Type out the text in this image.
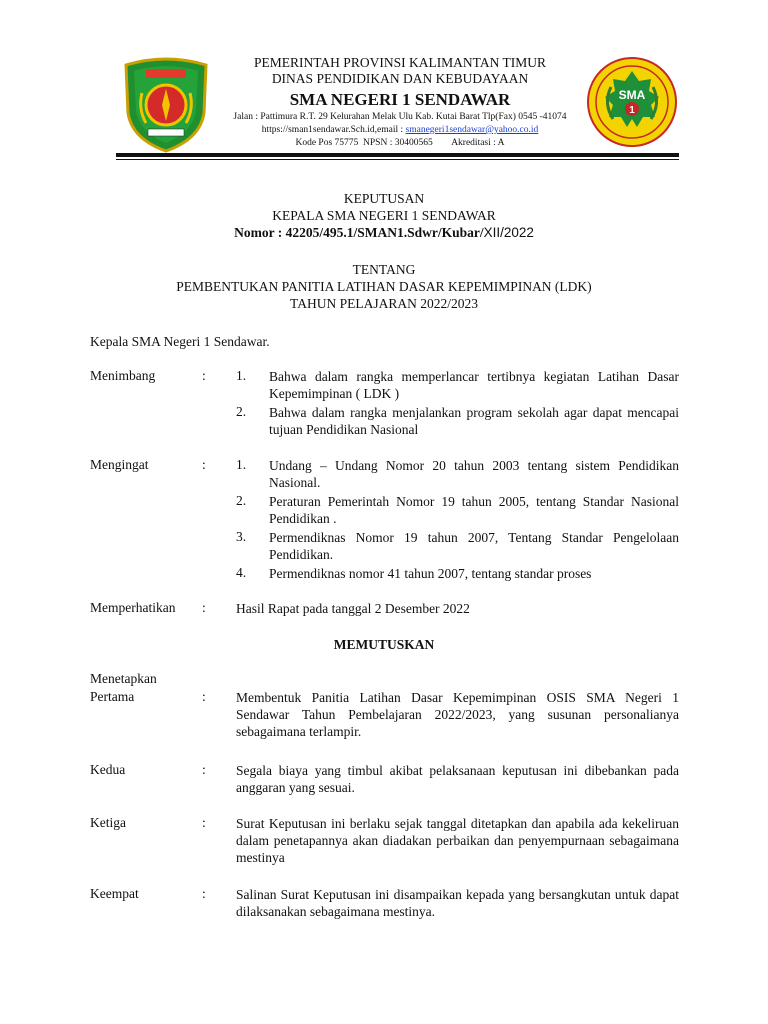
SMA
1
PEMERINTAH PROVINSI KALIMANTAN TIMUR
DINAS PENDIDIKAN DAN KEBUDAYAAN
SMA NEGERI 1 SENDAWAR
Jalan : Pattimura R.T. 29 Kelurahan Melak Ulu Kab. Kutai Barat Tlp(Fax) 0545 -41074
https://sman1sendawar.Sch.id,email : smanegeri1sendawar@yahoo.co.id
Kode Pos 75775  NPSN : 30400565        Akreditasi : A
KEPUTUSAN
KEPALA SMA NEGERI 1 SENDAWAR
Nomor : 42205/495.1/SMAN1.Sdwr/Kubar/XII/2022
TENTANG
PEMBENTUKAN PANITIA LATIHAN DASAR KEPEMIMPINAN (LDK)
TAHUN PELAJARAN 2022/2023
Kepala SMA Negeri 1 Sendawar.
Menimbang	: 1. Bahwa dalam rangka memperlancar tertibnya kegiatan Latihan Dasar Kepemimpinan ( LDK )
2. Bahwa dalam rangka menjalankan program sekolah agar dapat mencapai tujuan Pendidikan Nasional
Mengingat	: 1. Undang – Undang Nomor 20 tahun 2003 tentang sistem Pendidikan Nasional.
2. Peraturan Pemerintah Nomor 19 tahun 2005, tentang Standar Nasional Pendidikan .
3. Permendiknas Nomor 19 tahun 2007, Tentang Standar Pengelolaan Pendidikan.
4. Permendiknas nomor 41 tahun 2007, tentang standar proses
Memperhatikan : Hasil Rapat pada tanggal 2 Desember 2022
MEMUTUSKAN
Menetapkan
Pertama	: Membentuk Panitia Latihan Dasar Kepemimpinan OSIS SMA Negeri 1 Sendawar Tahun Pembelajaran 2022/2023, yang susunan personalianya sebagaimana terlampir.
Kedua	: Segala biaya yang timbul akibat pelaksanaan keputusan ini dibebankan pada anggaran yang sesuai.
Ketiga	: Surat Keputusan ini berlaku sejak tanggal ditetapkan dan apabila ada kekeliruan dalam penetapannya akan diadakan perbaikan dan penyempurnaan sebagaimana mestinya
Keempat	: Salinan Surat Keputusan ini disampaikan kepada yang bersangkutan untuk dapat dilaksanakan sebagaimana mestinya.
